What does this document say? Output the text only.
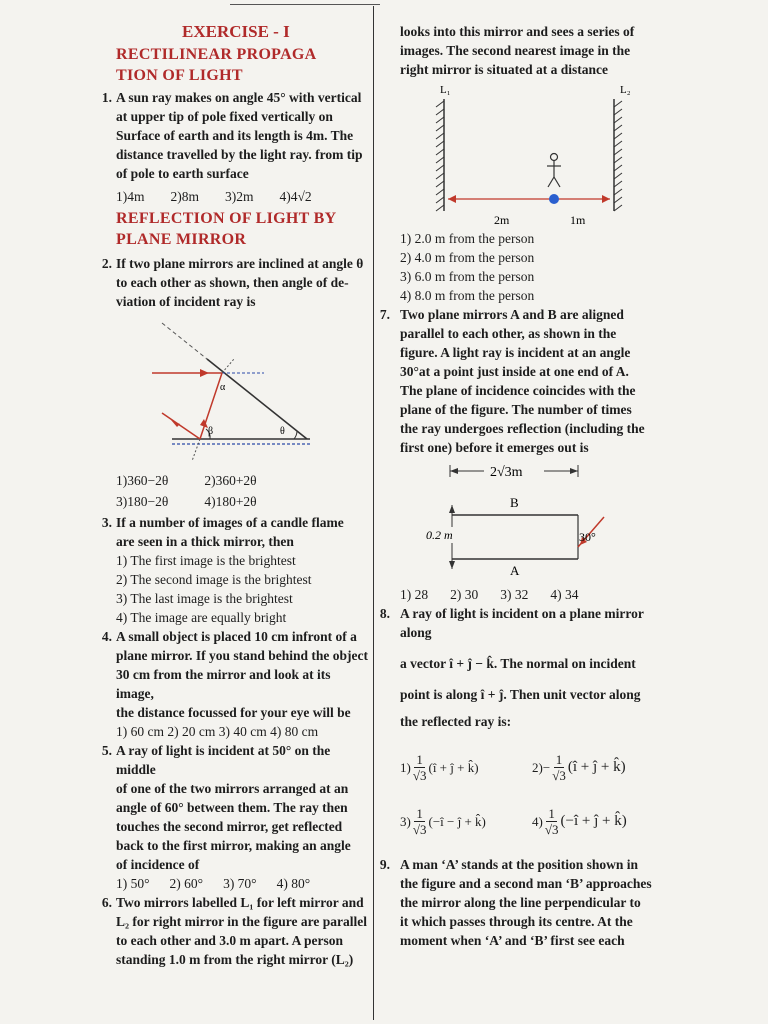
EXERCISE - I
RECTILINEAR PROPAGA
TION OF LIGHT
1. A sun ray makes on angle 45° with vertical
at upper tip of pole fixed vertically on
Surface of earth and its length is 4m. The
distance travelled by the light ray. from tip
of pole to earth surface
1)4m 2)8m 3)2m 4)4√2
REFLECTION OF LIGHT BY
PLANE MIRROR
2. If two plane mirrors are inclined at angle θ
to each other as shown, then angle of de-
viation of incident ray is
α
β	θ
1)360−2θ	2)360+2θ
3)180−2θ	4)180+2θ
3. If a number of images of a candle flame
are seen in a thick mirror, then
1) The first image is the brightest
2) The second image is the brightest
3) The last image is the brightest
4) The image are equally bright
4. A small object is placed 10 cm infront of a
plane mirror. If you stand behind the object
30 cm from the mirror and look at its image,
the distance focussed for your eye will be
1) 60 cm 2) 20 cm 3) 40 cm 4) 80 cm
5. A ray of light is incident at 50° on the middle
of one of the two mirrors arranged at an
angle of 60° between them. The ray then
touches the second mirror, get reflected
back to the first mirror, making an angle
of incidence of
1) 50° 2) 60° 3) 70° 4) 80°
6. Two mirrors labelled L₁ for left mirror and
L₂ for right mirror in the figure are parallel
to each other and 3.0 m apart. A person
standing 1.0 m from the right mirror (L₂)
looks into this mirror and sees a series of
images. The second nearest image in the
right mirror is situated at a distance
L₁	L₂
2m	1m
1) 2.0 m from the person
2) 4.0 m from the person
3) 6.0 m from the person
4) 8.0 m from the person
7. Two plane mirrors A and B are aligned
parallel to each other, as shown in the
figure. A light ray is incident at an angle
30°at a point just inside at one end of A.
The plane of incidence coincides with the
plane of the figure. The number of times
the ray undergoes reflection (including the
first one) before it emerges out is
2√3m
0.2 m
B
A
30°
1) 28 2) 30 3) 32 4) 34
8. A ray of light is incident on a plane mirror
along
a vector î + ĵ − k̂. The normal on incident
point is along î + ĵ. Then unit vector along
the reflected ray is:
$1) \frac{1}{√3}$ (î + ĵ + k̂)	$2) - \frac{1}{√3}$ (î + ĵ + k̂)
$3) \frac{1}{√3}$ (−î − ĵ + k̂)	$4) \frac{1}{√3}$ (−î + ĵ + k̂)
9. A man ‘A’ stands at the position shown in
the figure and a second man ‘B’ approaches
the mirror along the line perpendicular to
it which passes through its centre. At the
moment when ‘A’ and ‘B’ first see each
